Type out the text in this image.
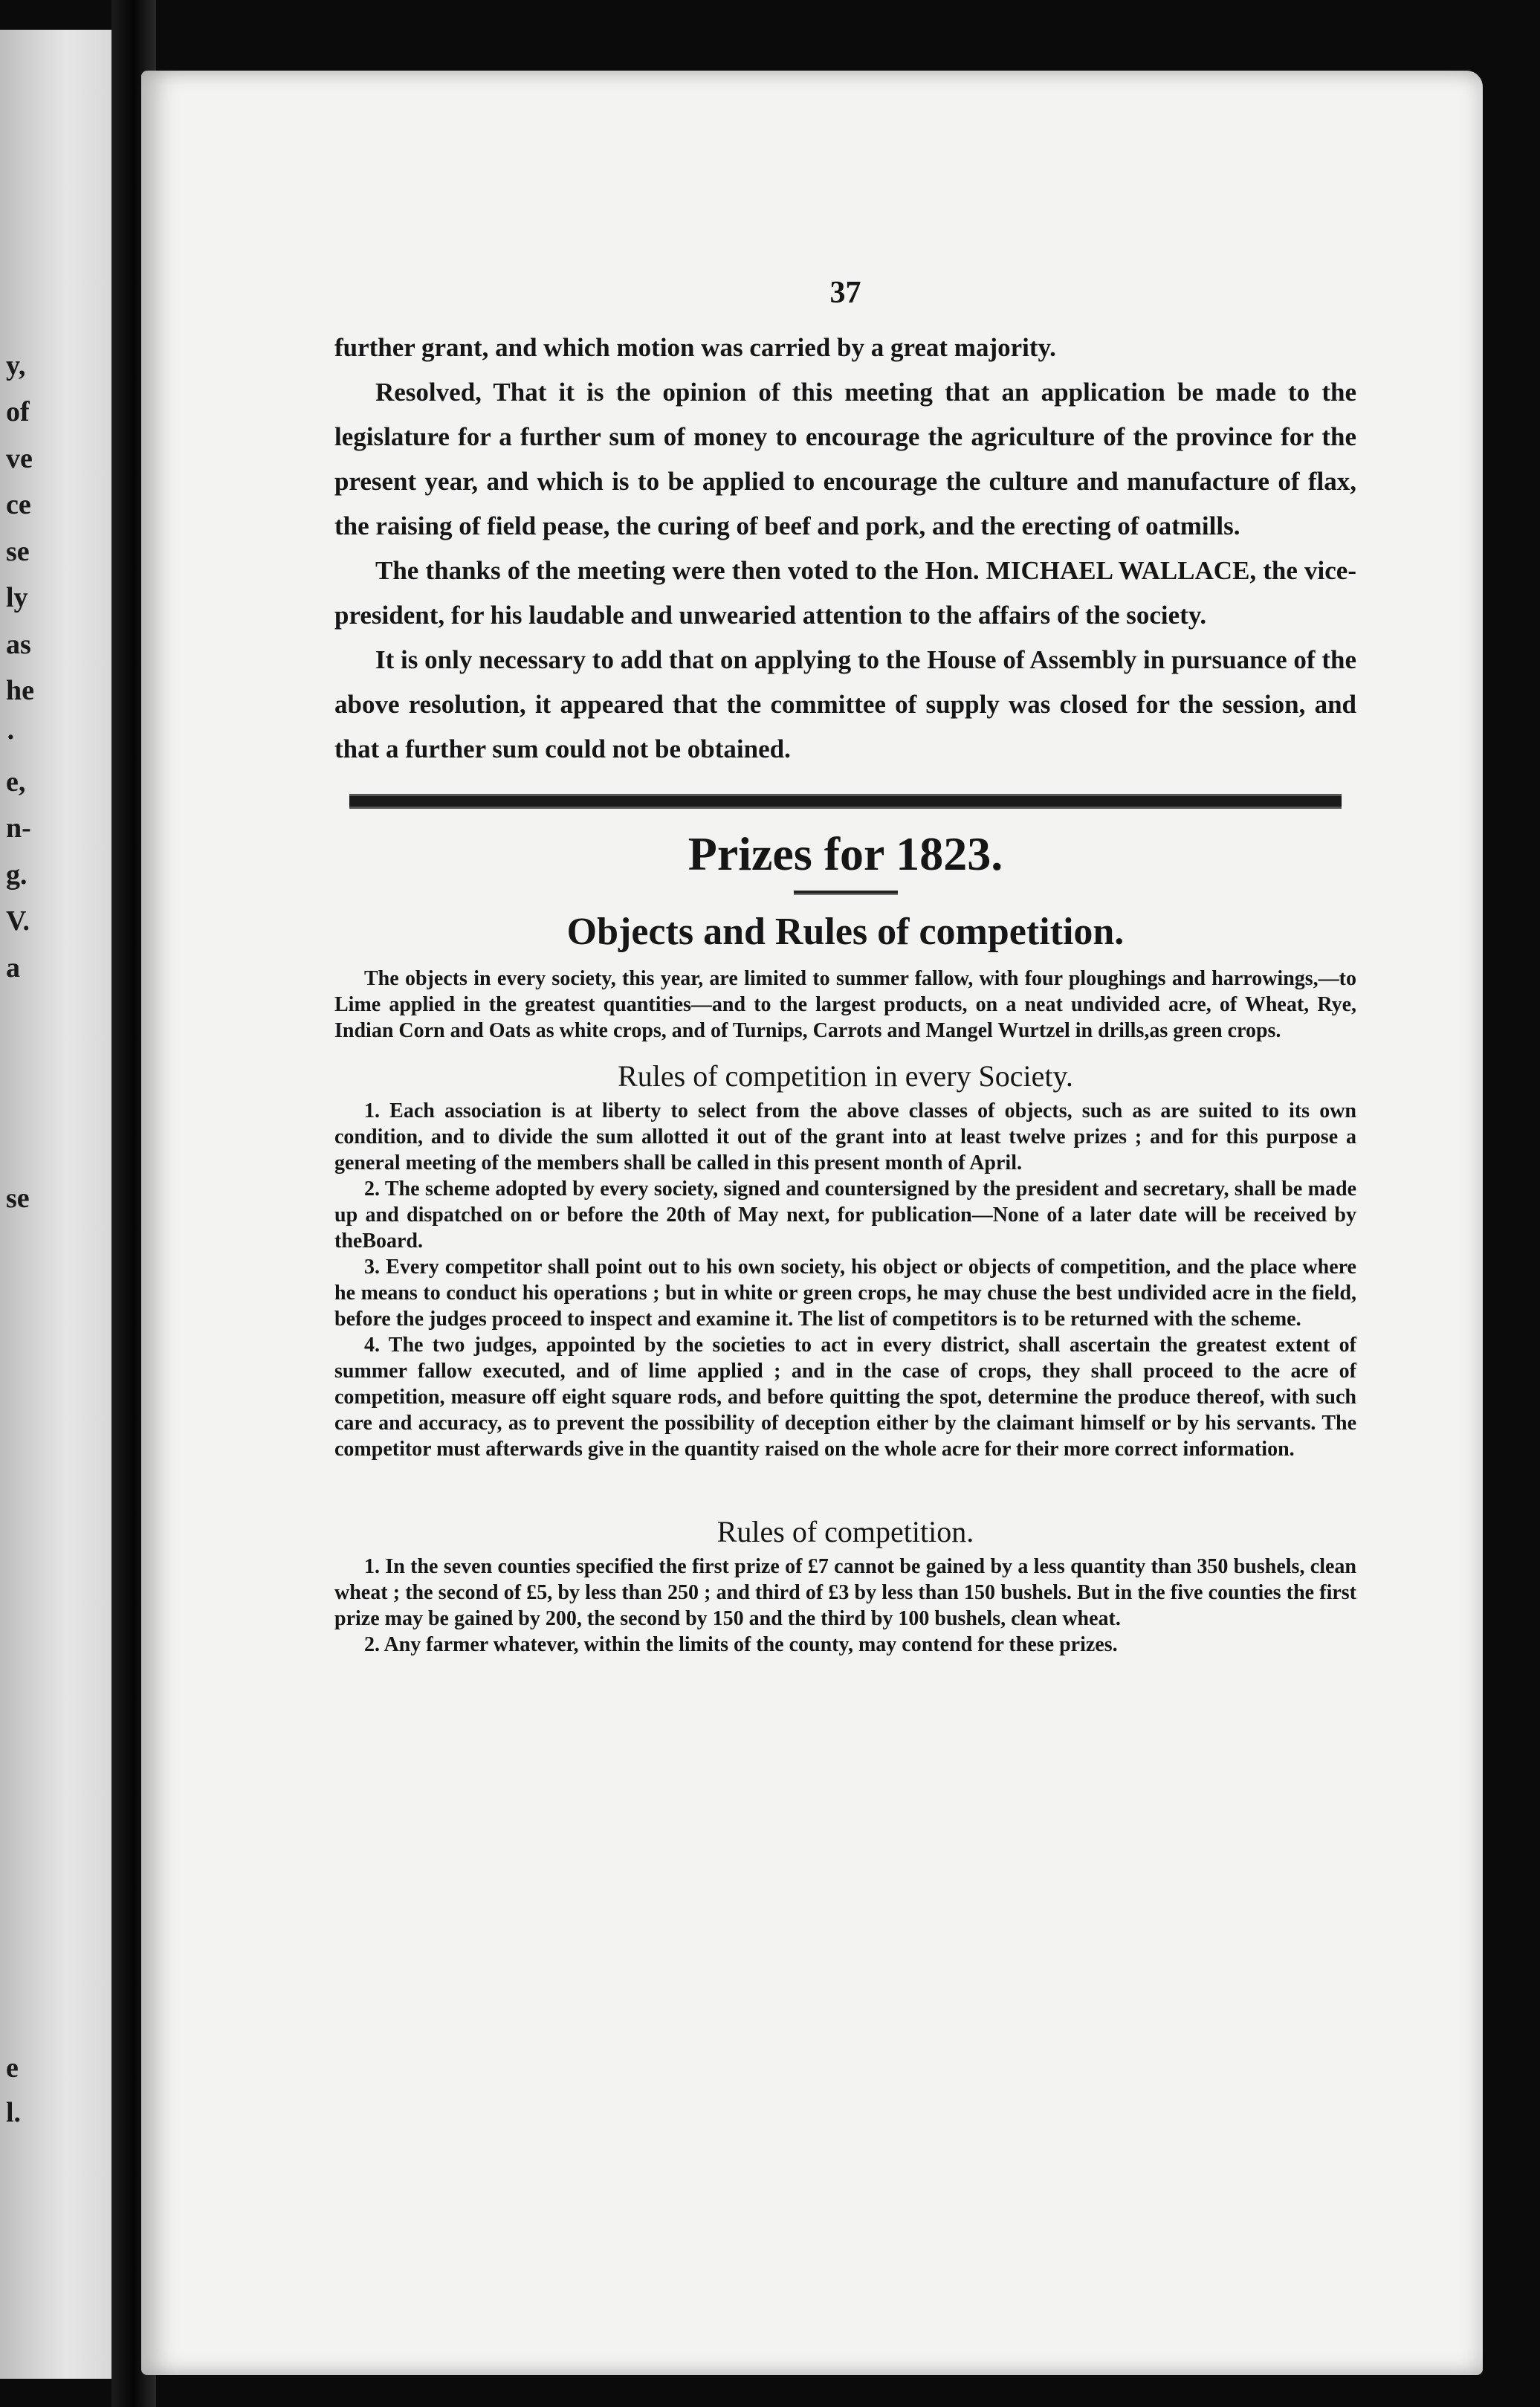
y,
of
ve
ce
se
ly
as
he
·
e,
n-
g.
V.
a
se
e
l.
37

further grant, and which motion was carried by a great majority.

Resolved, That it is the opinion of this meeting that an application be made to the legislature for a further sum of money to encourage the agriculture of the province for the present year, and which is to be applied to encourage the culture and manufacture of flax, the raising of field pease, the curing of beef and pork, and the erecting of oatmills.

The thanks of the meeting were then voted to the Hon. MICHAEL WALLACE, the vice-president, for his laudable and unwearied attention to the affairs of the society.

It is only necessary to add that on applying to the House of Assembly in pursuance of the above resolution, it appeared that the committee of supply was closed for the session, and that a further sum could not be obtained.

Prizes for 1823.
Objects and Rules of competition.

The objects in every society, this year, are limited to summer fallow, with four ploughings and harrowings,—to Lime applied in the greatest quantities—and to the largest products, on a neat undivided acre, of Wheat, Rye, Indian Corn and Oats as white crops, and of Turnips, Carrots and Mangel Wurtzel in drills,as green crops.

Rules of competition in every Society.

1. Each association is at liberty to select from the above classes of objects, such as are suited to its own condition, and to divide the sum allotted it out of the grant into at least twelve prizes ; and for this purpose a general meeting of the members shall be called in this present month of April.

2. The scheme adopted by every society, signed and countersigned by the president and secretary, shall be made up and dispatched on or before the 20th of May next, for publication—None of a later date will be received by theBoard.

3. Every competitor shall point out to his own society, his object or objects of competition, and the place where he means to conduct his operations ; but in white or green crops, he may chuse the best undivided acre in the field, before the judges proceed to inspect and examine it. The list of competitors is to be returned with the scheme.

4. The two judges, appointed by the societies to act in every district, shall ascertain the greatest extent of summer fallow executed, and of lime applied ; and in the case of crops, they shall proceed to the acre of competition, measure off eight square rods, and before quitting the spot, determine the produce thereof, with such care and accuracy, as to prevent the possibility of deception either by the claimant himself or by his servants. The competitor must afterwards give in the quantity raised on the whole acre for their more correct information.

Rules of competition.

1. In the seven counties specified the first prize of £7 cannot be gained by a less quantity than 350 bushels, clean wheat ; the second of £5, by less than 250 ; and third of £3 by less than 150 bushels. But in the five counties the first prize may be gained by 200, the second by 150 and the third by 100 bushels, clean wheat.

2. Any farmer whatever, within the limits of the county, may contend for these prizes.
